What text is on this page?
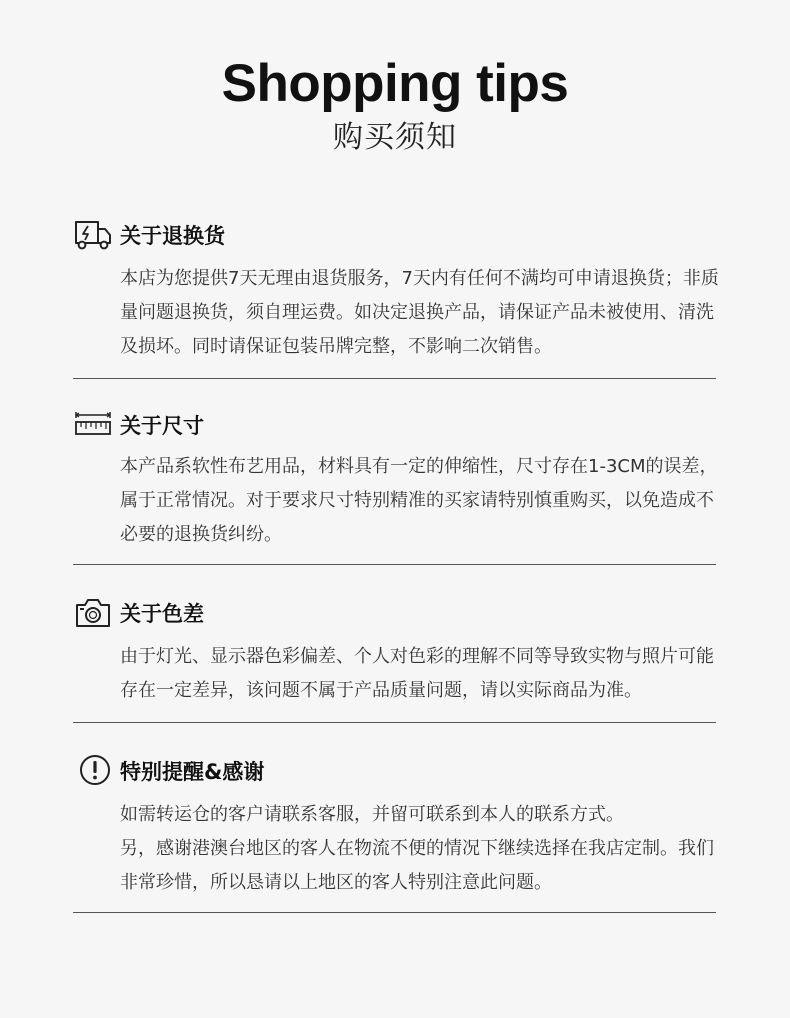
Shopping tips
购买须知
关于退换货

本店为您提供7天无理由退货服务，7天内有任何不满均可申请退换货；非质量问题退换货，须自理运费。如决定退换产品，请保证产品未被使用、清洗及损坏。同时请保证包装吊牌完整，不影响二次销售。

关于尺寸

本产品系软性布艺用品，材料具有一定的伸缩性，尺寸存在1-3CM的误差，属于正常情况。对于要求尺寸特别精准的买家请特别慎重购买，以免造成不必要的退换货纠纷。

关于色差

由于灯光、显示器色彩偏差、个人对色彩的理解不同等导致实物与照片可能存在一定差异，该问题不属于产品质量问题，请以实际商品为准。

特别提醒&感谢

如需转运仓的客户请联系客服，并留可联系到本人的联系方式。

另，感谢港澳台地区的客人在物流不便的情况下继续选择在我店定制。我们非常珍惜，所以恳请以上地区的客人特别注意此问题。
